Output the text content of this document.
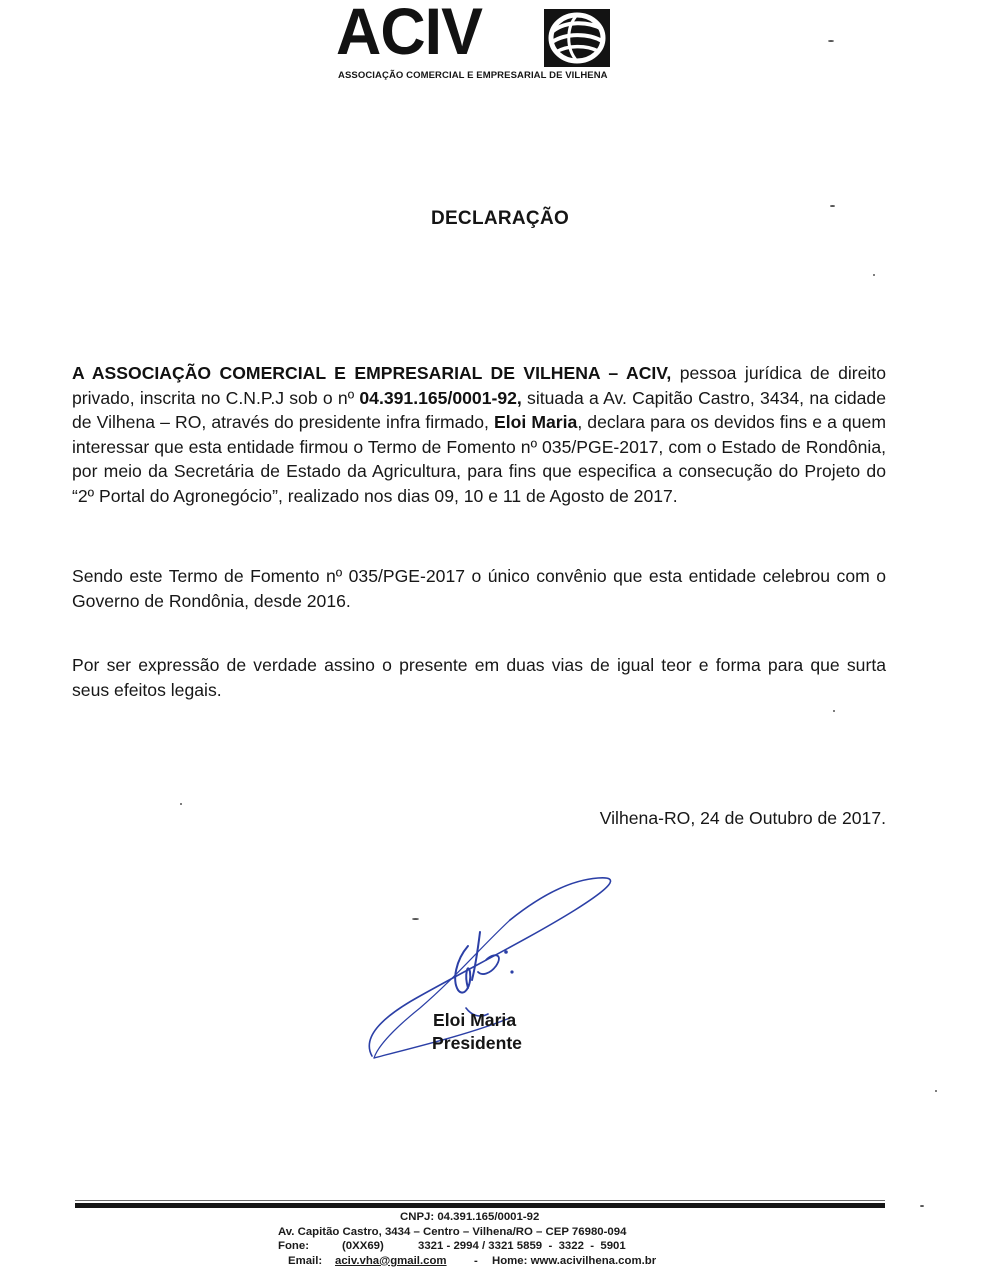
ACIV
ASSOCIAÇÃO COMERCIAL E EMPRESARIAL DE VILHENA
DECLARAÇÃO
A ASSOCIAÇÃO COMERCIAL E EMPRESARIAL DE VILHENA – ACIV, pessoa jurídica de direito privado, inscrita no C.N.P.J sob o nº 04.391.165/0001-92, situada a Av. Capitão Castro, 3434, na cidade de Vilhena – RO, através do presidente infra firmado, Eloi Maria, declara para os devidos fins e a quem interessar que esta entidade firmou o Termo de Fomento nº 035/PGE-2017, com o Estado de Rondônia, por meio da Secretária de Estado da Agricultura, para fins que especifica a consecução do Projeto do “2º Portal do Agronegócio”, realizado nos dias 09, 10 e 11 de Agosto de 2017.
Sendo este Termo de Fomento nº 035/PGE-2017 o único convênio que esta entidade celebrou com o Governo de Rondônia, desde 2016.
Por ser expressão de verdade assino o presente em duas vias de igual teor e forma para que surta seus efeitos legais.
Vilhena-RO, 24 de Outubro de 2017.
Eloi Maria
Presidente
CNPJ: 04.391.165/0001-92
Av. Capitão Castro, 3434 – Centro – Vilhena/RO – CEP 76980-094
Fone:	(0XX69)	3321 - 2994 / 3321 5859  -  3322  -  5901
Email: aciv.vha@gmail.com - Home: www.acivilhena.com.br
